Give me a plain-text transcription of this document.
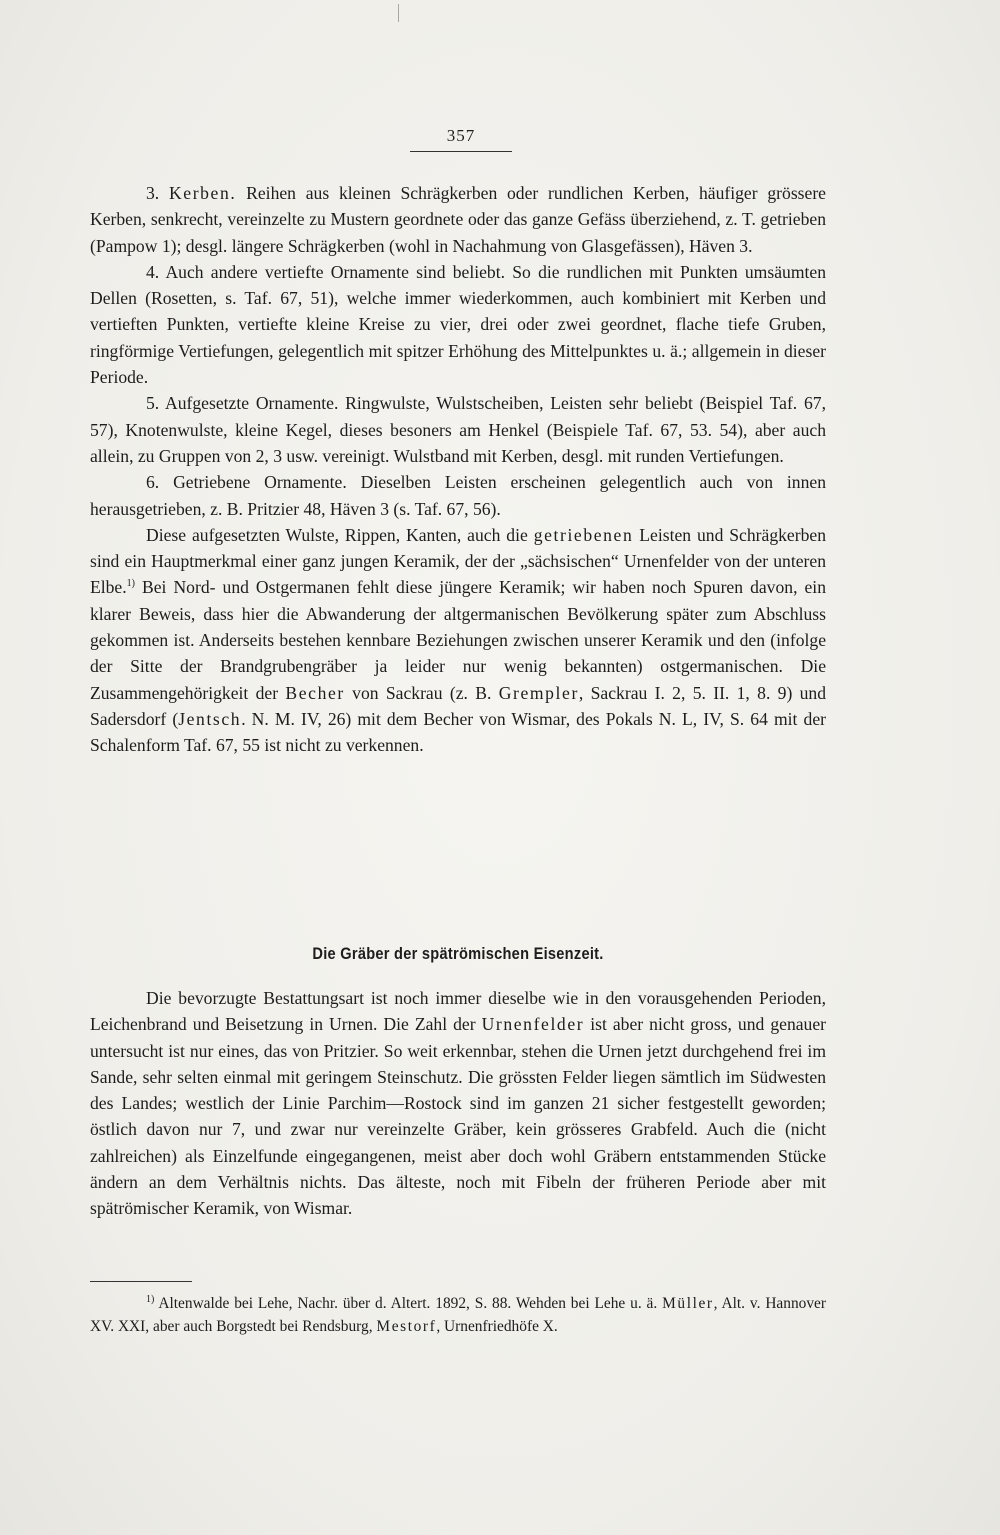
357

3. Kerben. Reihen aus kleinen Schrägkerben oder rundlichen Kerben, häufiger grössere Kerben, senkrecht, vereinzelte zu Mustern geordnete oder das ganze Gefäss überziehend, z. T. getrieben (Pampow 1); desgl. längere Schrägkerben (wohl in Nachahmung von Glasgefässen), Häven 3.

4. Auch andere vertiefte Ornamente sind beliebt. So die rundlichen mit Punkten umsäumten Dellen (Rosetten, s. Taf. 67, 51), welche immer wiederkommen, auch kombiniert mit Kerben und vertieften Punkten, vertiefte kleine Kreise zu vier, drei oder zwei geordnet, flache tiefe Gruben, ringförmige Vertiefungen, gelegentlich mit spitzer Erhöhung des Mittelpunktes u. ä.; allgemein in dieser Periode.

5. Aufgesetzte Ornamente. Ringwulste, Wulstscheiben, Leisten sehr beliebt (Beispiel Taf. 67, 57), Knotenwulste, kleine Kegel, dieses besoners am Henkel (Beispiele Taf. 67, 53. 54), aber auch allein, zu Gruppen von 2, 3 usw. vereinigt. Wulstband mit Kerben, desgl. mit runden Vertiefungen.

6. Getriebene Ornamente. Dieselben Leisten erscheinen gelegentlich auch von innen herausgetrieben, z. B. Pritzier 48, Häven 3 (s. Taf. 67, 56).

Diese aufgesetzten Wulste, Rippen, Kanten, auch die getriebenen Leisten und Schrägkerben sind ein Hauptmerkmal einer ganz jungen Keramik, der der „sächsischen“ Urnenfelder von der unteren Elbe.$^{1)}$ Bei Nord- und Ostgermanen fehlt diese jüngere Keramik; wir haben noch Spuren davon, ein klarer Beweis, dass hier die Abwanderung der altgermanischen Bevölkerung später zum Abschluss gekommen ist. Anderseits bestehen kennbare Beziehungen zwischen unserer Keramik und den (infolge der Sitte der Brandgrubengräber ja leider nur wenig bekannten) ostgermanischen. Die Zusammengehörigkeit der Becher von Sackrau (z. B. Grempler, Sackrau I. 2, 5. II. 1, 8. 9) und Sadersdorf (Jentsch. N. M. IV, 26) mit dem Becher von Wismar, des Pokals N. L, IV, S. 64 mit der Schalenform Taf. 67, 55 ist nicht zu verkennen.

Die Gräber der spätrömischen Eisenzeit.

Die bevorzugte Bestattungsart ist noch immer dieselbe wie in den vorausgehenden Perioden, Leichenbrand und Beisetzung in Urnen. Die Zahl der Urnenfelder ist aber nicht gross, und genauer untersucht ist nur eines, das von Pritzier. So weit erkennbar, stehen die Urnen jetzt durchgehend frei im Sande, sehr selten einmal mit geringem Steinschutz. Die grössten Felder liegen sämtlich im Südwesten des Landes; westlich der Linie Parchim—Rostock sind im ganzen 21 sicher festgestellt geworden; östlich davon nur 7, und zwar nur vereinzelte Gräber, kein grösseres Grabfeld. Auch die (nicht zahlreichen) als Einzelfunde eingegangenen, meist aber doch wohl Gräbern entstammenden Stücke ändern an dem Verhältnis nichts. Das älteste, noch mit Fibeln der früheren Periode aber mit spätrömischer Keramik, von Wismar.

$^{1)}$ Altenwalde bei Lehe, Nachr. über d. Altert. 1892, S. 88. Wehden bei Lehe u. ä. Müller, Alt. v. Hannover XV. XXI, aber auch Borgstedt bei Rendsburg, Mestorf, Urnenfriedhöfe X.
